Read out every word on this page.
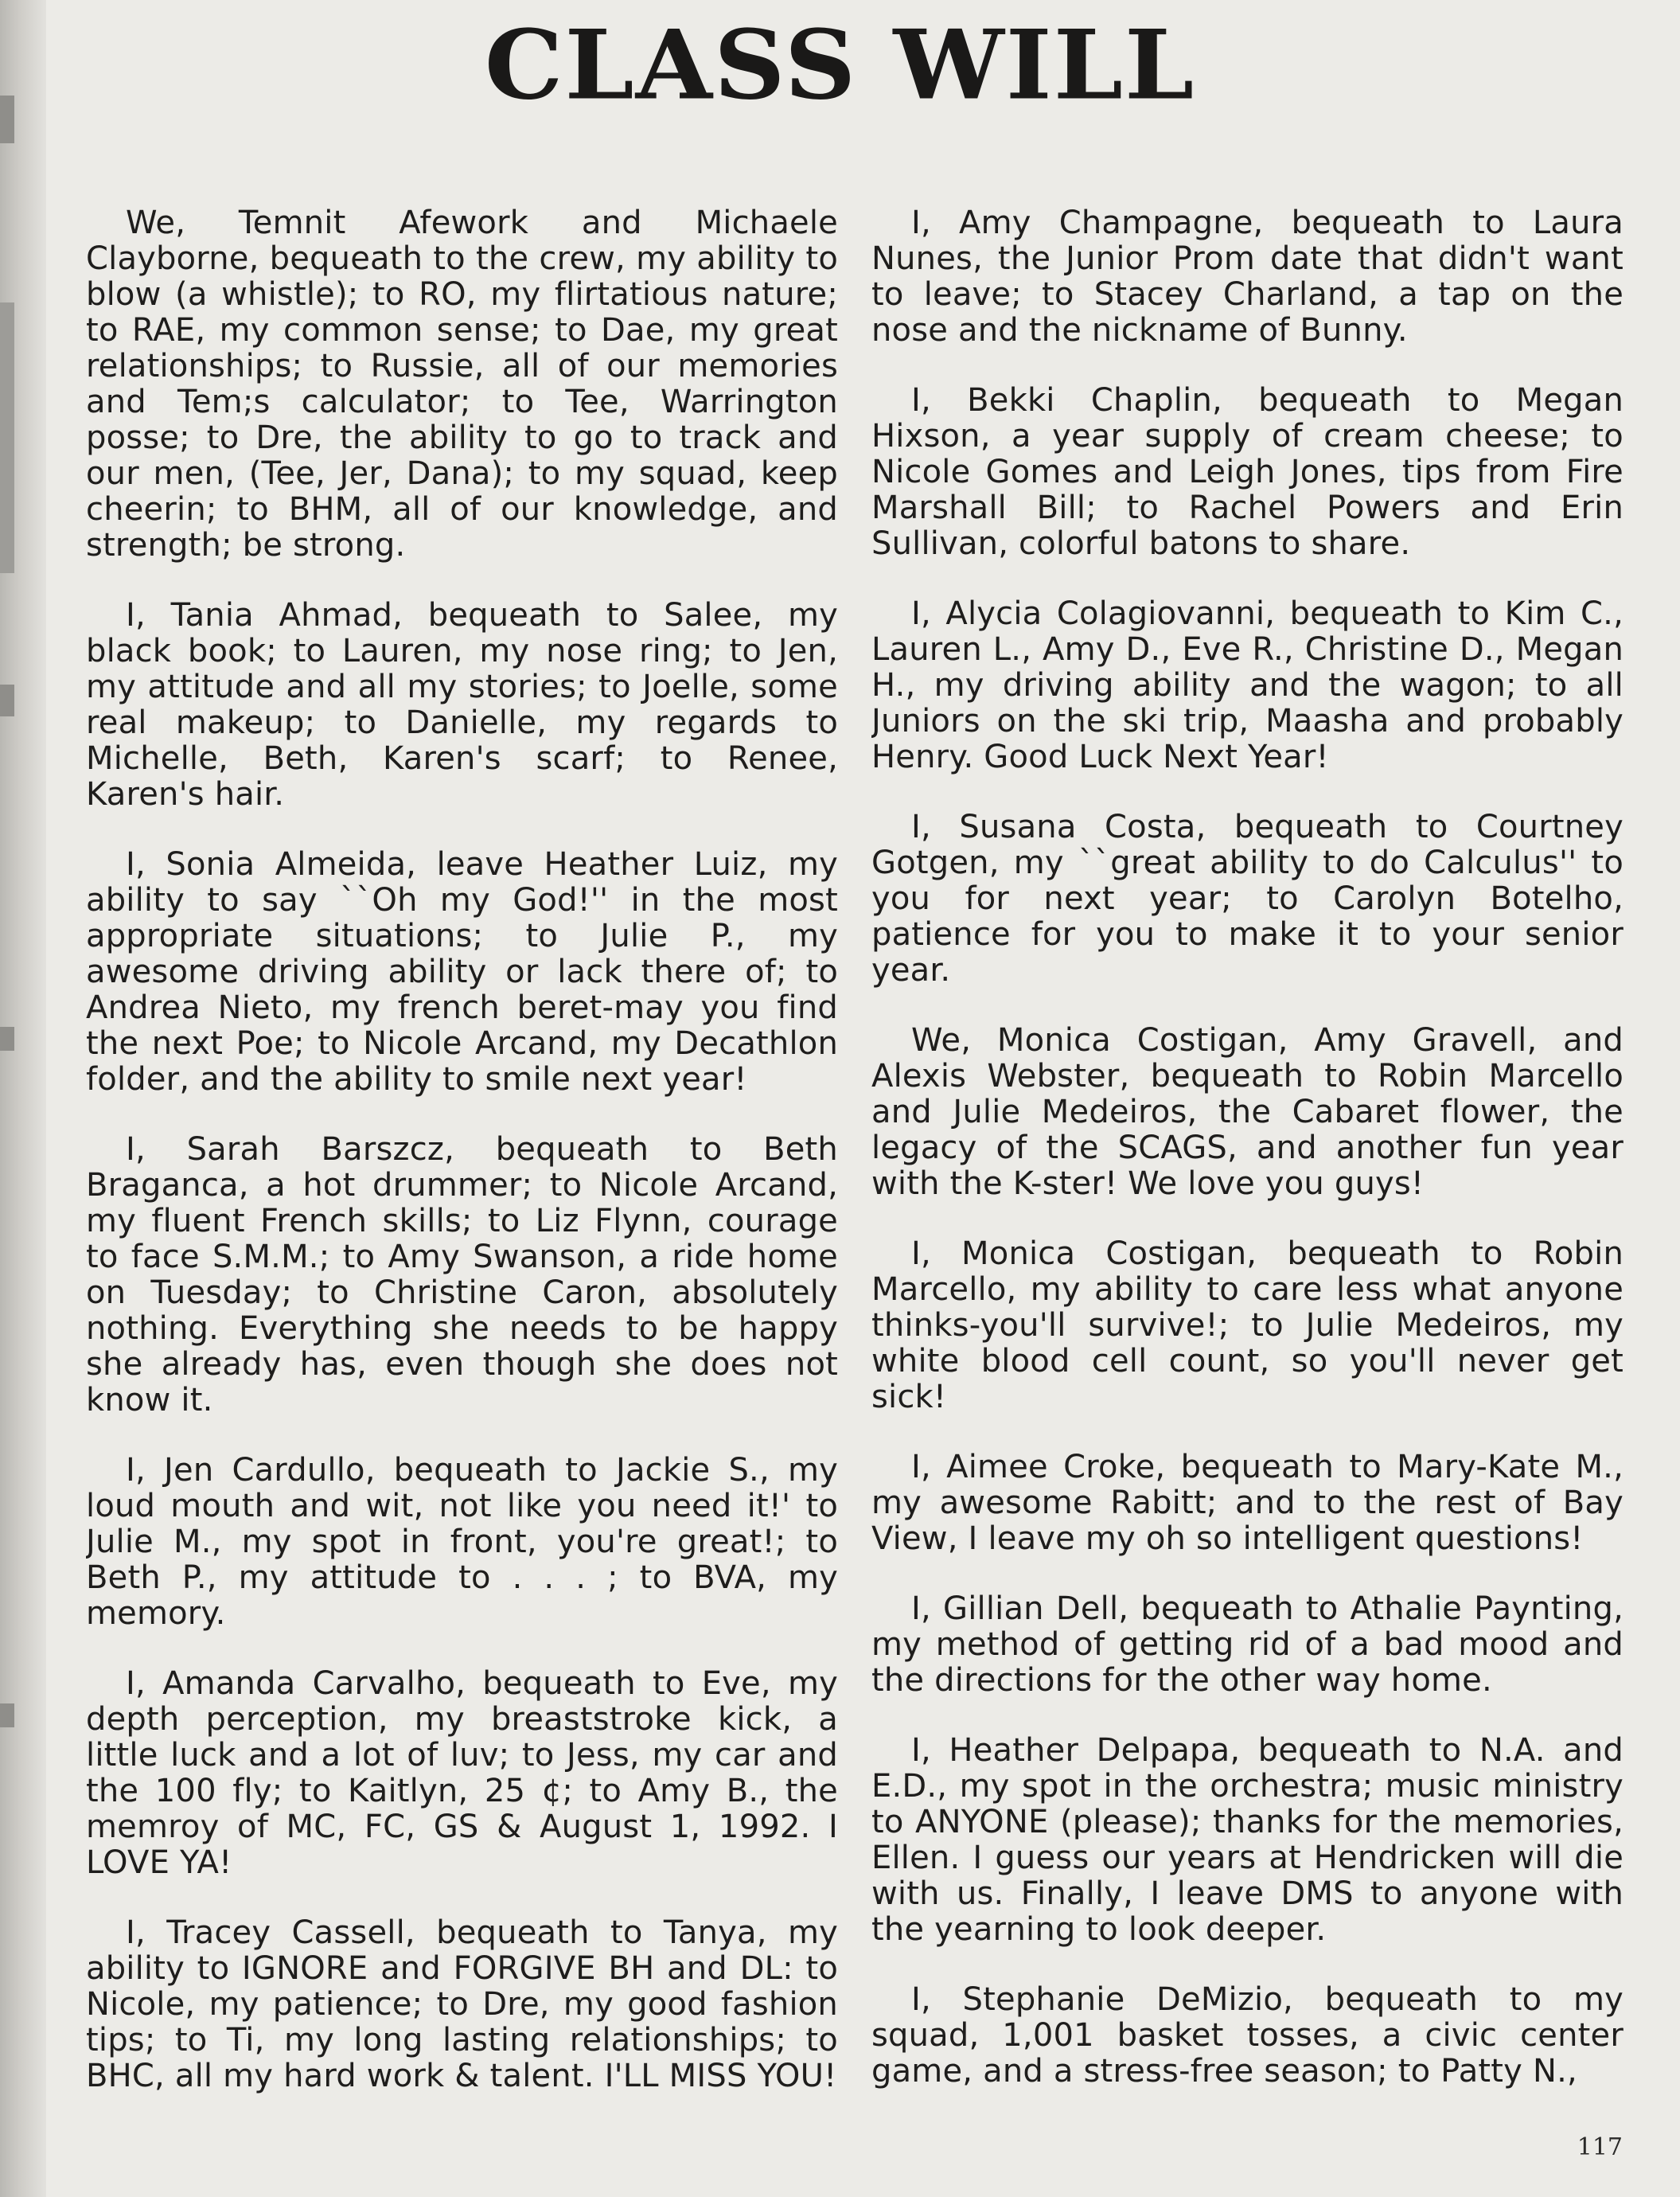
CLASS WILL

We, Temnit Afework and Michaele Clayborne, bequeath to the crew, my ability to blow (a whistle); to RO, my flirtatious nature; to RAE, my common sense; to Dae, my great relationships; to Russie, all of our memories and Tem;s calculator; to Tee, Warrington posse; to Dre, the ability to go to track and our men, (Tee, Jer, Dana); to my squad, keep cheerin; to BHM, all of our knowledge, and strength; be strong.

I, Tania Ahmad, bequeath to Salee, my black book; to Lauren, my nose ring; to Jen, my attitude and all my stories; to Joelle, some real makeup; to Danielle, my regards to Michelle, Beth, Karen's scarf; to Renee, Karen's hair.

I, Sonia Almeida, leave Heather Luiz, my ability to say ``Oh my God!'' in the most appropriate situations; to Julie P., my awesome driving ability or lack there of; to Andrea Nieto, my french beret-may you find the next Poe; to Nicole Arcand, my Decathlon folder, and the ability to smile next year!

I, Sarah Barszcz, bequeath to Beth Braganca, a hot drummer; to Nicole Arcand, my fluent French skills; to Liz Flynn, courage to face S.M.M.; to Amy Swanson, a ride home on Tuesday; to Christine Caron, absolutely nothing. Everything she needs to be happy she already has, even though she does not know it.

I, Jen Cardullo, bequeath to Jackie S., my loud mouth and wit, not like you need it!' to Julie M., my spot in front, you're great!; to Beth P., my attitude to . . . ; to BVA, my memory.

I, Amanda Carvalho, bequeath to Eve, my depth perception, my breaststroke kick, a little luck and a lot of luv; to Jess, my car and the 100 fly; to Kaitlyn, 25 ¢; to Amy B., the memroy of MC, FC, GS & August 1, 1992. I LOVE YA!

I, Tracey Cassell, bequeath to Tanya, my ability to IGNORE and FORGIVE BH and DL: to Nicole, my patience; to Dre, my good fashion tips; to Ti, my long lasting relationships; to BHC, all my hard work & talent. I'LL MISS YOU!

I, Amy Champagne, bequeath to Laura Nunes, the Junior Prom date that didn't want to leave; to Stacey Charland, a tap on the nose and the nickname of Bunny.

I, Bekki Chaplin, bequeath to Megan Hixson, a year supply of cream cheese; to Nicole Gomes and Leigh Jones, tips from Fire Marshall Bill; to Rachel Powers and Erin Sullivan, colorful batons to share.

I, Alycia Colagiovanni, bequeath to Kim C., Lauren L., Amy D., Eve R., Christine D., Megan H., my driving ability and the wagon; to all Juniors on the ski trip, Maasha and probably Henry. Good Luck Next Year!

I, Susana Costa, bequeath to Courtney Gotgen, my ``great ability to do Calculus'' to you for next year; to Carolyn Botelho, patience for you to make it to your senior year.

We, Monica Costigan, Amy Gravell, and Alexis Webster, bequeath to Robin Marcello and Julie Medeiros, the Cabaret flower, the legacy of the SCAGS, and another fun year with the K-ster! We love you guys!

I, Monica Costigan, bequeath to Robin Marcello, my ability to care less what anyone thinks-you'll survive!; to Julie Medeiros, my white blood cell count, so you'll never get sick!

I, Aimee Croke, bequeath to Mary-Kate M., my awesome Rabitt; and to the rest of Bay View, I leave my oh so intelligent questions!

I, Gillian Dell, bequeath to Athalie Paynting, my method of getting rid of a bad mood and the directions for the other way home.

I, Heather Delpapa, bequeath to N.A. and E.D., my spot in the orchestra; music ministry to ANYONE (please); thanks for the memories, Ellen. I guess our years at Hendricken will die with us. Finally, I leave DMS to anyone with the yearning to look deeper.

I, Stephanie DeMizio, bequeath to my squad, 1,001 basket tosses, a civic center game, and a stress-free season; to Patty N.,

117
